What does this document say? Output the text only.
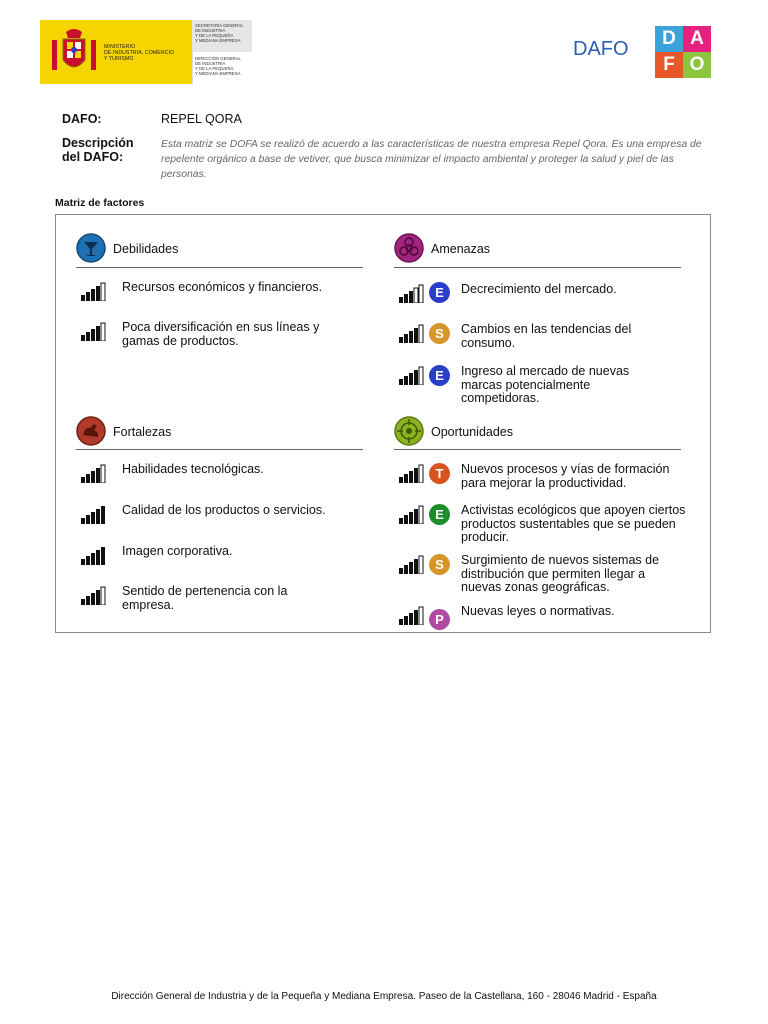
MINISTERIO
DE INDUSTRIA, COMERCIO
Y TURISMO
SECRETARÍA GENERAL
DE INDUSTRIA
Y DE LA PEQUEÑA
Y MEDIANA EMPRESA
DIRECCIÓN GENERAL
DE INDUSTRIA
Y DE LA PEQUEÑA
Y MEDIANA EMPRESA
DAFO	D A
F O
DAFO:	REPEL QORA
Descripción
del DAFO:
Esta matriz se DOFA se realizó de acuerdo a las características de nuestra empresa Repel Qora. Es una empresa de repelente orgánico a base de vetiver, que busca minimizar el impacto ambiental y proteger la salud y piel de las personas.
Matriz de factores
Debilidades
Recursos económicos y financieros.
Poca diversificación en sus líneas y gamas de productos.
Amenazas
E	Decrecimiento del mercado.
S	Cambios en las tendencias del consumo.
E	Ingreso al mercado de nuevas marcas potencialmente competidoras.
Fortalezas
Habilidades tecnológicas.
Calidad de los productos o servicios.
Imagen corporativa.
Sentido de pertenencia con la empresa.
Oportunidades
T	Nuevos procesos y vías de formación para mejorar la productividad.
E	Activistas ecológicos que apoyen ciertos productos sustentables que se pueden producir.
S	Surgimiento de nuevos sistemas de distribución que permiten llegar a nuevas zonas geográficas.
P
Nuevas leyes o normativas.
Dirección General de Industria y de la Pequeña y Mediana Empresa. Paseo de la Castellana, 160 - 28046 Madrid - España
